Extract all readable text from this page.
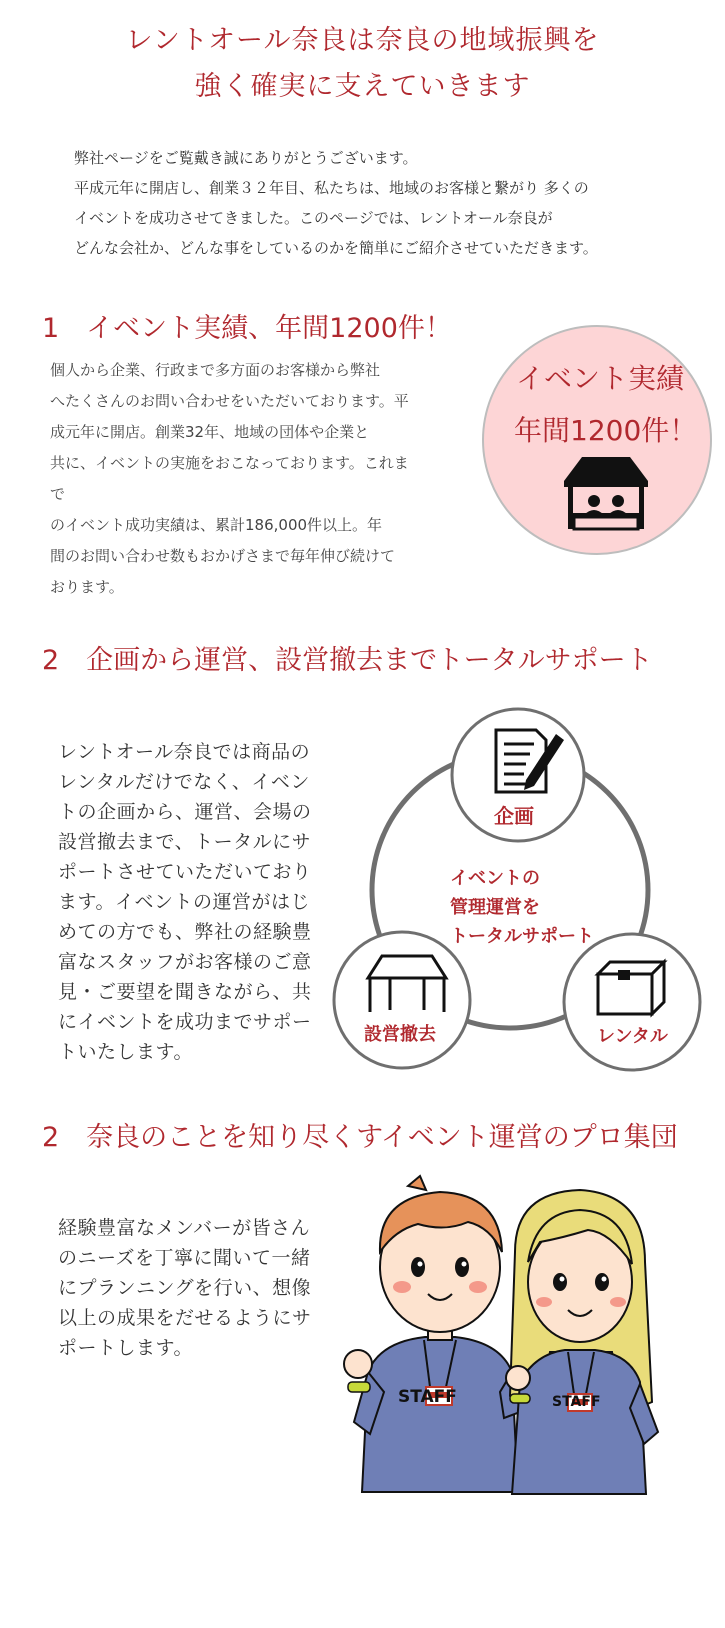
レントオール奈良は奈良の地域振興を
強く確実に支えていきます

弊社ページをご覧戴き誠にありがとうございます。

平成元年に開店し、創業３２年目、私たちは、地域のお客様と繋がり 多くの

イベントを成功させてきました。このページでは、レントオール奈良が

どんな会社か、どんな事をしているのかを簡単にご紹介させていただきます。

1　イベント実績、年間1200件！
個人から企業、行政まで多方面のお客様から弊社
へたくさんのお問い合わせをいただいております。平
成元年に開店。創業32年、地域の団体や企業と
共に、イベントの実施をおこなっております。これまで
のイベント成功実績は、累計186,000件以上。年
間のお問い合わせ数もおかげさまで毎年伸び続けて
おります。
イベント実績
年間1200件！
2　企画から運営、設営撤去までトータルサポート
レントオール奈良では商品の
レンタルだけでなく、イベン
トの企画から、運営、会場の
設営撤去まで、トータルにサ
ポートさせていただいており
ます。イベントの運営がはじ
めての方でも、弊社の経験豊
富なスタッフがお客様のご意
見・ご要望を聞きながら、共
にイベントを成功までサポー
トいたします。
イベントの
管理運営を
トータルサポート
企画
設営撤去	レンタル
2　奈良のことを知り尽くすイベント運営のプロ集団
経験豊富なメンバーが皆さん
のニーズを丁寧に聞いて一緒
にプランニングを行い、想像
以上の成果をだせるようにサ
ポートします。
STAFF	STAFF
